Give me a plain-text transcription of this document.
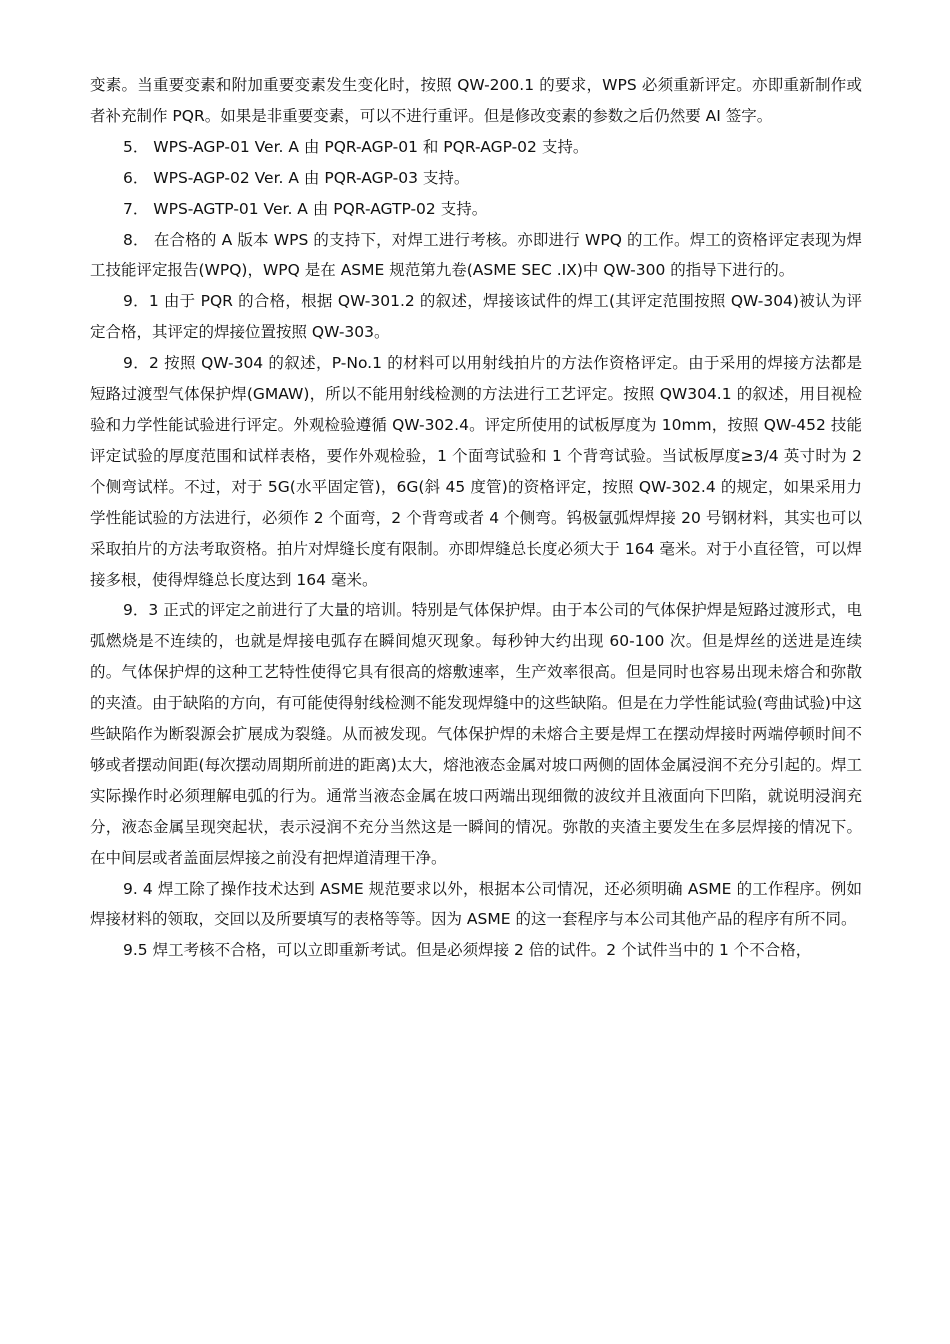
变素。当重要变素和附加重要变素发生变化时，按照 QW-200.1 的要求，WPS 必须重新评定。亦即重新制作或者补充制作 PQR。如果是非重要变素，可以不进行重评。但是修改变素的参数之后仍然要 AI 签字。

5． WPS-AGP-01 Ver. A 由 PQR-AGP-01 和 PQR-AGP-02 支持。

6． WPS-AGP-02 Ver. A 由 PQR-AGP-03 支持。

7． WPS-AGTP-01 Ver. A 由 PQR-AGTP-02 支持。

8． 在合格的 A 版本 WPS 的支持下，对焊工进行考核。亦即进行 WPQ 的工作。焊工的资格评定表现为焊工技能评定报告(WPQ)，WPQ 是在 ASME 规范第九卷(ASME SEC .IX)中 QW-300 的指导下进行的。

9．1 由于 PQR 的合格，根据 QW-301.2 的叙述，焊接该试件的焊工(其评定范围按照 QW-304)被认为评定合格，其评定的焊接位置按照 QW-303。

9．2 按照 QW-304 的叙述，P-No.1 的材料可以用射线拍片的方法作资格评定。由于采用的焊接方法都是短路过渡型气体保护焊(GMAW)，所以不能用射线检测的方法进行工艺评定。按照 QW304.1 的叙述，用目视检验和力学性能试验进行评定。外观检验遵循 QW-302.4。评定所使用的试板厚度为 10mm，按照 QW-452 技能评定试验的厚度范围和试样表格，要作外观检验，1 个面弯试验和 1 个背弯试验。当试板厚度≥3/4 英寸时为 2 个侧弯试样。不过，对于 5G(水平固定管)，6G(斜 45 度管)的资格评定，按照 QW-302.4 的规定，如果采用力学性能试验的方法进行，必须作 2 个面弯，2 个背弯或者 4 个侧弯。钨极氩弧焊焊接 20 号钢材料，其实也可以采取拍片的方法考取资格。拍片对焊缝长度有限制。亦即焊缝总长度必须大于 164 毫米。对于小直径管，可以焊接多根，使得焊缝总长度达到 164 毫米。

9．3 正式的评定之前进行了大量的培训。特别是气体保护焊。由于本公司的气体保护焊是短路过渡形式，电弧燃烧是不连续的，也就是焊接电弧存在瞬间熄灭现象。每秒钟大约出现 60-100 次。但是焊丝的送进是连续的。气体保护焊的这种工艺特性使得它具有很高的熔敷速率，生产效率很高。但是同时也容易出现未熔合和弥散的夹渣。由于缺陷的方向，有可能使得射线检测不能发现焊缝中的这些缺陷。但是在力学性能试验(弯曲试验)中这些缺陷作为断裂源会扩展成为裂缝。从而被发现。气体保护焊的未熔合主要是焊工在摆动焊接时两端停顿时间不够或者摆动间距(每次摆动周期所前进的距离)太大，熔池液态金属对坡口两侧的固体金属浸润不充分引起的。焊工实际操作时必须理解电弧的行为。通常当液态金属在坡口两端出现细微的波纹并且液面向下凹陷，就说明浸润充分，液态金属呈现突起状，表示浸润不充分当然这是一瞬间的情况。弥散的夹渣主要发生在多层焊接的情况下。在中间层或者盖面层焊接之前没有把焊道清理干净。

9. 4 焊工除了操作技术达到 ASME 规范要求以外，根据本公司情况，还必须明确 ASME 的工作程序。例如焊接材料的领取，交回以及所要填写的表格等等。因为 ASME 的这一套程序与本公司其他产品的程序有所不同。

9.5 焊工考核不合格，可以立即重新考试。但是必须焊接 2 倍的试件。2 个试件当中的 1 个不合格，
